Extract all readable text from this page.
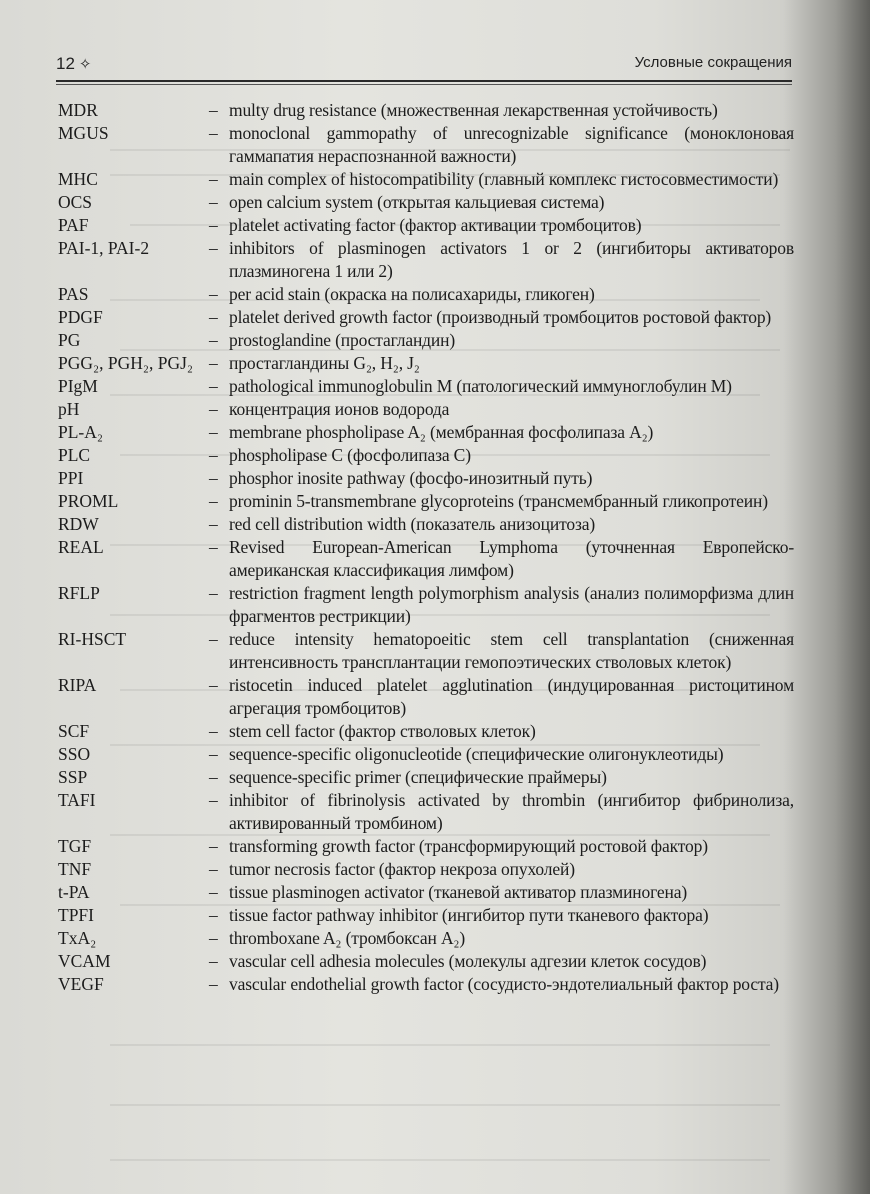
12 ✧	Условные сокращения
MDR	– multy drug resistance (множественная лекарственная устойчивость)
MGUS	– monoclonal gammopathy of unrecognizable significance (моноклоновая гаммапатия нераспознанной важности)
MHC	– main complex of histocompatibility (главный комплекс гистосовместимости)
OCS	– open calcium system (открытая кальциевая система)
PAF	– platelet activating factor (фактор активации тромбоцитов)
PAI-1, PAI-2	– inhibitors of plasminogen activators 1 or 2 (ингибиторы активаторов плазминогена 1 или 2)
PAS	– per acid stain (окраска на полисахариды, гликоген)
PDGF	– platelet derived growth factor (производный тромбоцитов ростовой фактор)
PG	– prostoglandine (простагландин)
PGG₂, PGH₂, PGJ₂ – простагландины G₂, H₂, J₂
PIgM	– pathological immunoglobulin M (патологический иммуноглобулин M)
pH	– концентрация ионов водорода
PL-A₂	– membrane phospholipase A₂ (мембранная фосфолипаза A₂)
PLC	– phospholipase C (фосфолипаза C)
PPI	– phosphor inosite pathway (фосфо-инозитный путь)
PROML	– prominin 5-transmembrane glycoproteins (трансмембранный гликопротеин)
RDW	– red cell distribution width (показатель анизоцитоза)
REAL	– Revised European-American Lymphoma (уточненная Европейско-американская классификация лимфом)
RFLP	– restriction fragment length polymorphism analysis (анализ полиморфизма длин фрагментов рестрикции)
RI-HSCT	– reduce intensity hematopoeitic stem cell transplantation (сниженная интенсивность трансплантации гемопоэтических стволовых клеток)
RIPA	– ristocetin induced platelet agglutination (индуцированная ристоцитином агрегация тромбоцитов)
SCF	– stem cell factor (фактор стволовых клеток)
SSO	– sequence-specific oligonucleotide (специфические олигонуклеотиды)
SSP	– sequence-specific primer (специфические праймеры)
TAFI	– inhibitor of fibrinolysis activated by thrombin (ингибитор фибринолиза, активированный тромбином)
TGF	– transforming growth factor (трансформирующий ростовой фактор)
TNF	– tumor necrosis factor (фактор некроза опухолей)
t-PA	– tissue plasminogen activator (тканевой активатор плазминогена)
TPFI	– tissue factor pathway inhibitor (ингибитор пути тканевого фактора)
TxA₂	– thromboxane A₂ (тромбоксан A₂)
VCAM	– vascular cell adhesia molecules (молекулы адгезии клеток сосудов)
VEGF	– vascular endothelial growth factor (сосудисто-эндотелиальный фактор роста)
